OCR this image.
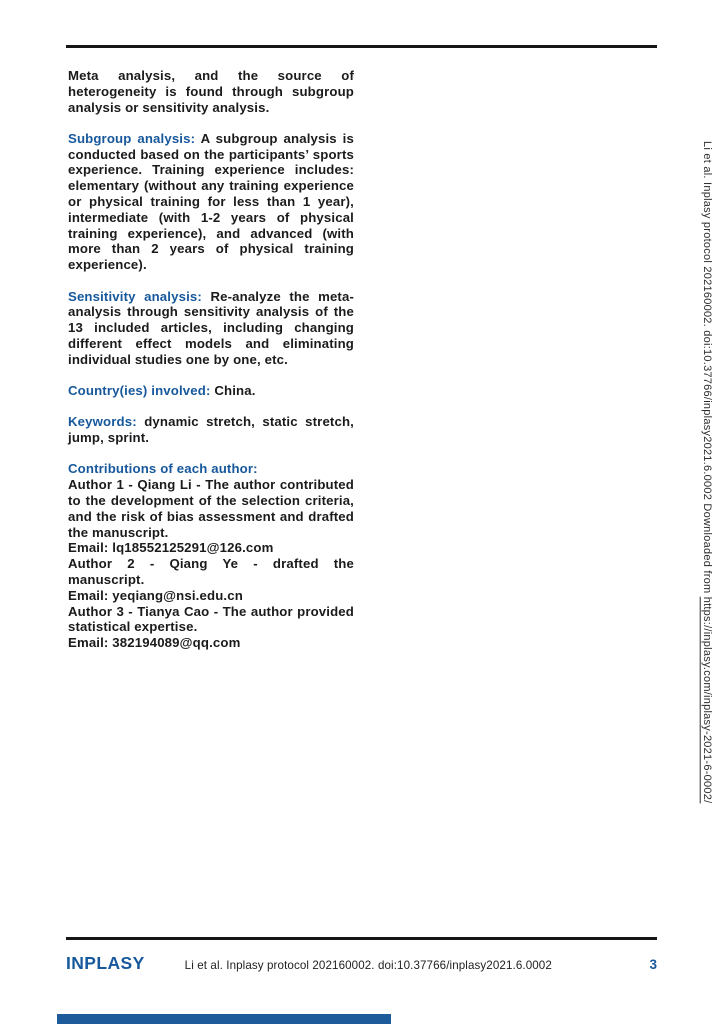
Meta analysis, and the source of heterogeneity is found through subgroup analysis or sensitivity analysis.

Subgroup analysis: A subgroup analysis is conducted based on the participants’ sports experience. Training experience includes: elementary (without any training experience or physical training for less than 1 year), intermediate (with 1-2 years of physical training experience), and advanced (with more than 2 years of physical training experience).

Sensitivity analysis: Re-analyze the meta-analysis through sensitivity analysis of the 13 included articles, including changing different effect models and eliminating individual studies one by one, etc.

Country(ies) involved: China.

Keywords: dynamic stretch, static stretch, jump, sprint.

Contributions of each author:
Author 1 - Qiang Li - The author contributed to the development of the selection criteria, and the risk of bias assessment and drafted the manuscript.
Email: lq18552125291@126.com
Author 2 - Qiang Ye - drafted the manuscript.
Email: yeqiang@nsi.edu.cn
Author 3 - Tianya Cao - The author provided statistical expertise.
Email: 382194089@qq.com
Li et al. Inplasy protocol 202160002. doi:10.37766/inplasy2021.6.0002 Downloaded from https://inplasy.com/inplasy-2021-6-0002/
INPLASY	Li et al. Inplasy protocol 202160002. doi:10.37766/inplasy2021.6.0002	3
